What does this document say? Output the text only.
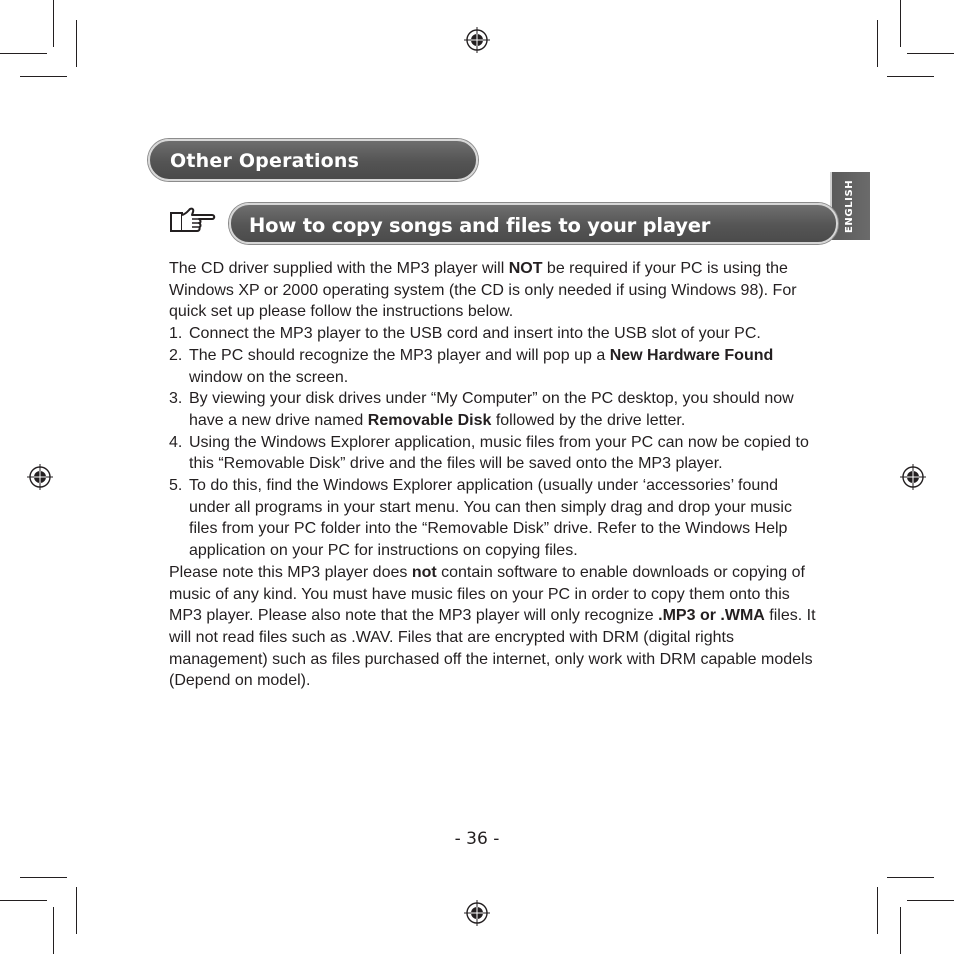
Other Operations
ENGLISH
How to copy songs and files to your player

The CD driver supplied with the MP3 player will NOT be required if your PC is using the Windows XP or 2000 operating system (the CD is only needed if using Windows 98). For quick set up please follow the instructions below.

1. Connect the MP3 player to the USB cord and insert into the USB slot of your PC.
2. The PC should recognize the MP3 player and will pop up a New Hardware Found window on the screen.
3. By viewing your disk drives under “My Computer” on the PC desktop, you should now have a new drive named Removable Disk followed by the drive letter.
4. Using the Windows Explorer application, music files from your PC can now be copied to this “Removable Disk” drive and the files will be saved onto the MP3 player.
5. To do this, find the Windows Explorer application (usually under ‘accessories’ found under all programs in your start menu. You can then simply drag and drop your music files from your PC folder into the “Removable Disk” drive. Refer to the Windows Help application on your PC for instructions on copying files.

Please note this MP3 player does not contain software to enable downloads or copying of music of any kind. You must have music files on your PC in order to copy them onto this MP3 player. Please also note that the MP3 player will only recognize .MP3 or .WMA files. It will not read files such as .WAV. Files that are encrypted with DRM (digital rights management) such as files purchased off the internet, only work with DRM capable models (Depend on model).

- 36 -
